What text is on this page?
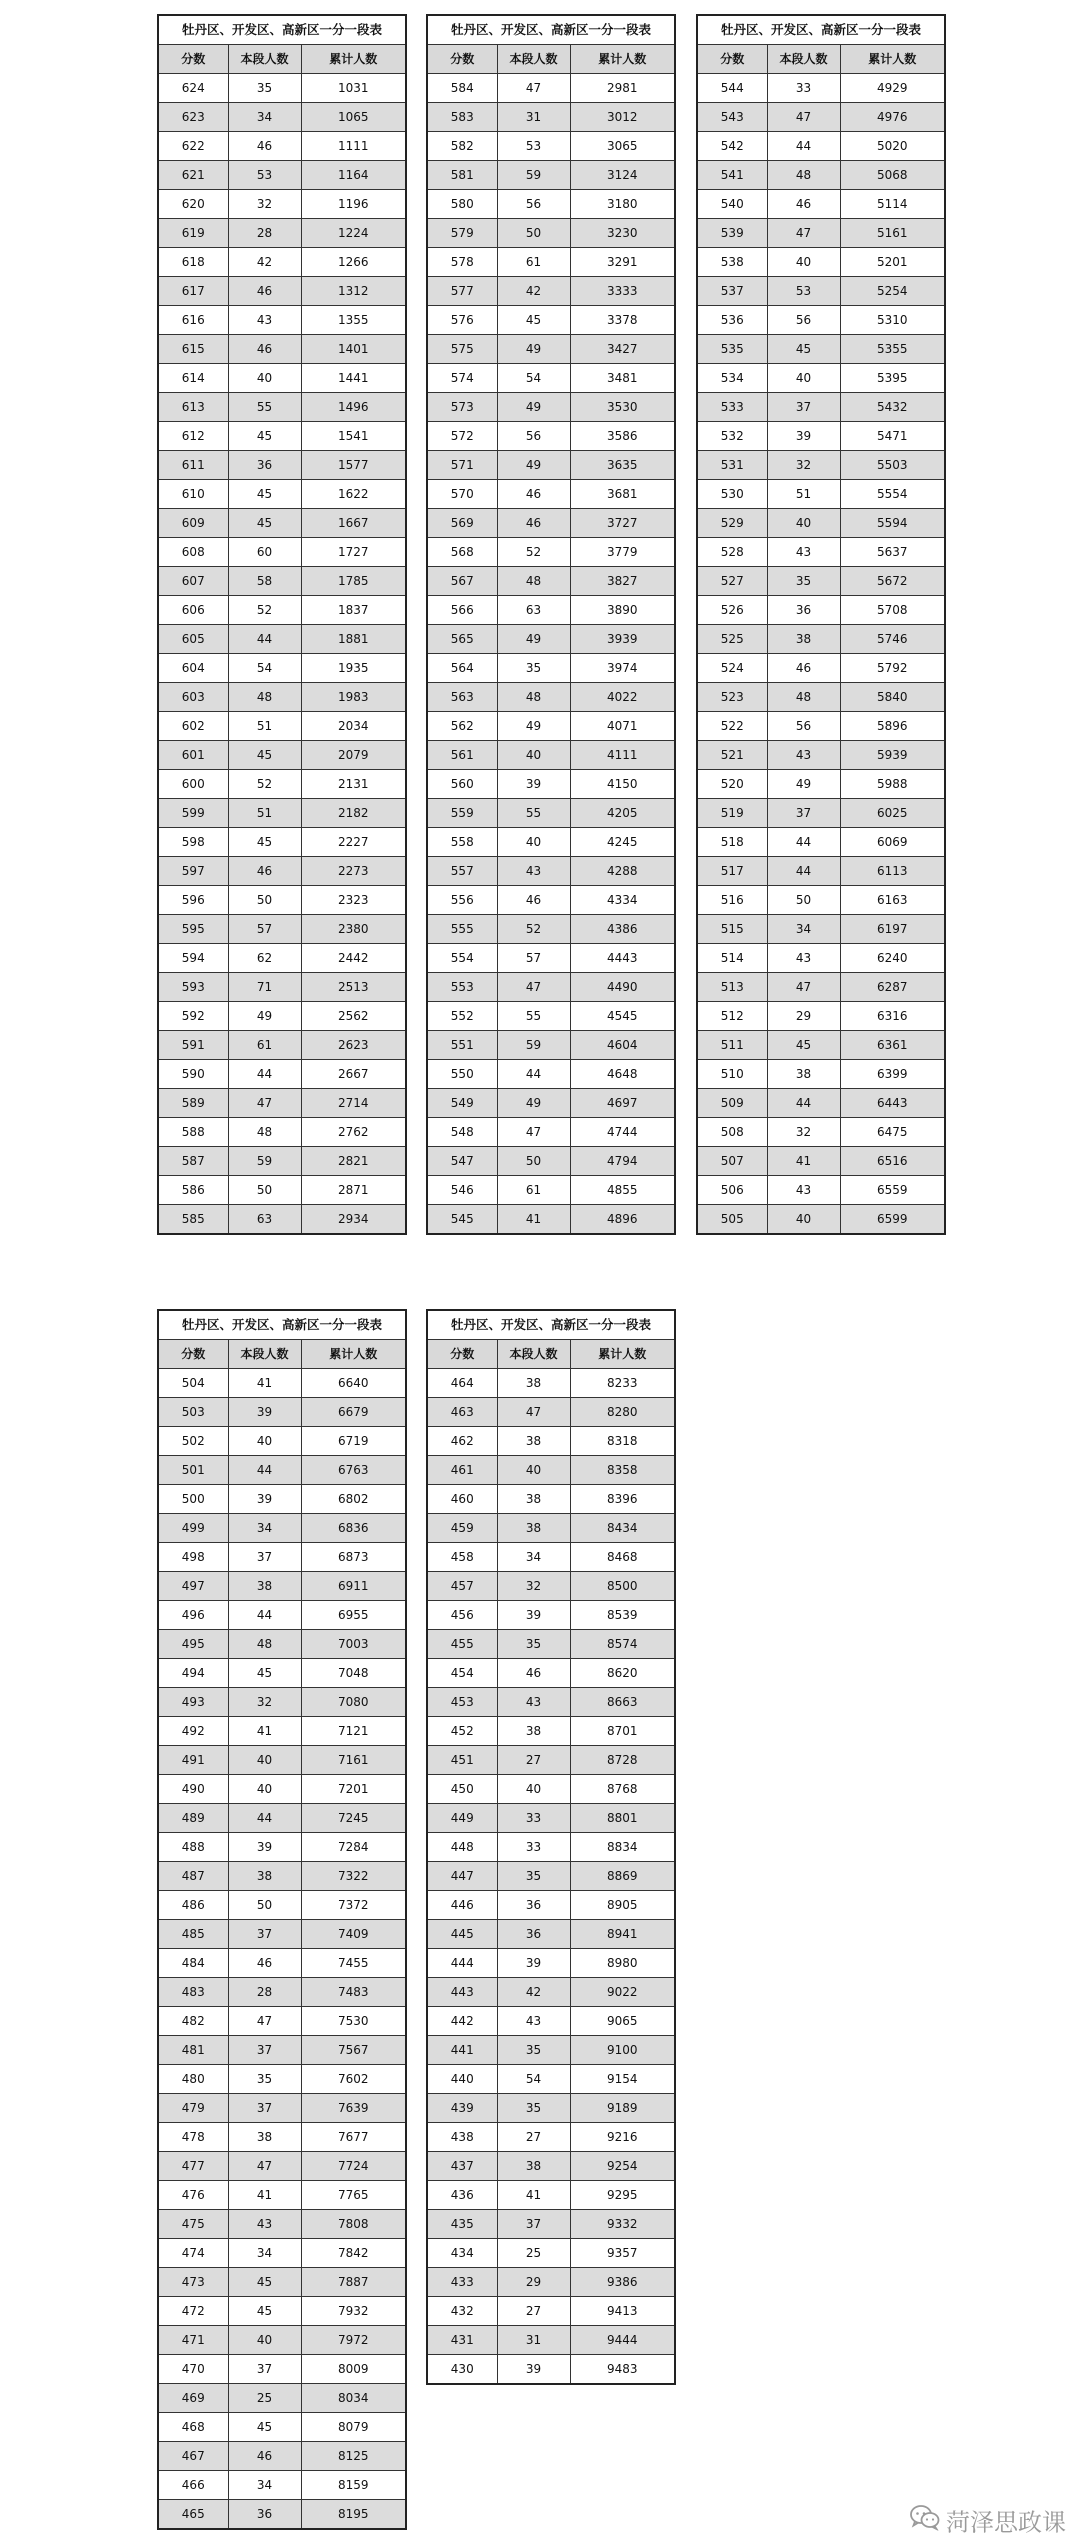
牡丹区、开发区、高新区一分一段表		
分数	本段人数	累计人数
624	35	1031
623	34	1065
622	46	1111
621	53	1164
620	32	1196
619	28	1224
618	42	1266
617	46	1312
616	43	1355
615	46	1401
614	40	1441
613	55	1496
612	45	1541
611	36	1577
610	45	1622
609	45	1667
608	60	1727
607	58	1785
606	52	1837
605	44	1881
604	54	1935
603	48	1983
602	51	2034
601	45	2079
600	52	2131
599	51	2182
598	45	2227
597	46	2273
596	50	2323
595	57	2380
594	62	2442
593	71	2513
592	49	2562
591	61	2623
590	44	2667
589	47	2714
588	48	2762
587	59	2821
586	50	2871
585	63	2934
牡丹区、开发区、高新区一分一段表		
分数	本段人数	累计人数
584	47	2981
583	31	3012
582	53	3065
581	59	3124
580	56	3180
579	50	3230
578	61	3291
577	42	3333
576	45	3378
575	49	3427
574	54	3481
573	49	3530
572	56	3586
571	49	3635
570	46	3681
569	46	3727
568	52	3779
567	48	3827
566	63	3890
565	49	3939
564	35	3974
563	48	4022
562	49	4071
561	40	4111
560	39	4150
559	55	4205
558	40	4245
557	43	4288
556	46	4334
555	52	4386
554	57	4443
553	47	4490
552	55	4545
551	59	4604
550	44	4648
549	49	4697
548	47	4744
547	50	4794
546	61	4855
545	41	4896
牡丹区、开发区、高新区一分一段表		
分数	本段人数	累计人数
544	33	4929
543	47	4976
542	44	5020
541	48	5068
540	46	5114
539	47	5161
538	40	5201
537	53	5254
536	56	5310
535	45	5355
534	40	5395
533	37	5432
532	39	5471
531	32	5503
530	51	5554
529	40	5594
528	43	5637
527	35	5672
526	36	5708
525	38	5746
524	46	5792
523	48	5840
522	56	5896
521	43	5939
520	49	5988
519	37	6025
518	44	6069
517	44	6113
516	50	6163
515	34	6197
514	43	6240
513	47	6287
512	29	6316
511	45	6361
510	38	6399
509	44	6443
508	32	6475
507	41	6516
506	43	6559
505	40	6599
牡丹区、开发区、高新区一分一段表		
分数	本段人数	累计人数
504	41	6640
503	39	6679
502	40	6719
501	44	6763
500	39	6802
499	34	6836
498	37	6873
497	38	6911
496	44	6955
495	48	7003
494	45	7048
493	32	7080
492	41	7121
491	40	7161
490	40	7201
489	44	7245
488	39	7284
487	38	7322
486	50	7372
485	37	7409
484	46	7455
483	28	7483
482	47	7530
481	37	7567
480	35	7602
479	37	7639
478	38	7677
477	47	7724
476	41	7765
475	43	7808
474	34	7842
473	45	7887
472	45	7932
471	40	7972
470	37	8009
469	25	8034
468	45	8079
467	46	8125
466	34	8159
465	36	8195
牡丹区、开发区、高新区一分一段表		
分数	本段人数	累计人数
464	38	8233
463	47	8280
462	38	8318
461	40	8358
460	38	8396
459	38	8434
458	34	8468
457	32	8500
456	39	8539
455	35	8574
454	46	8620
453	43	8663
452	38	8701
451	27	8728
450	40	8768
449	33	8801
448	33	8834
447	35	8869
446	36	8905
445	36	8941
444	39	8980
443	42	9022
442	43	9065
441	35	9100
440	54	9154
439	35	9189
438	27	9216
437	38	9254
436	41	9295
435	37	9332
434	25	9357
433	29	9386
432	27	9413
431	31	9444
430	39	9483
菏泽思政课
